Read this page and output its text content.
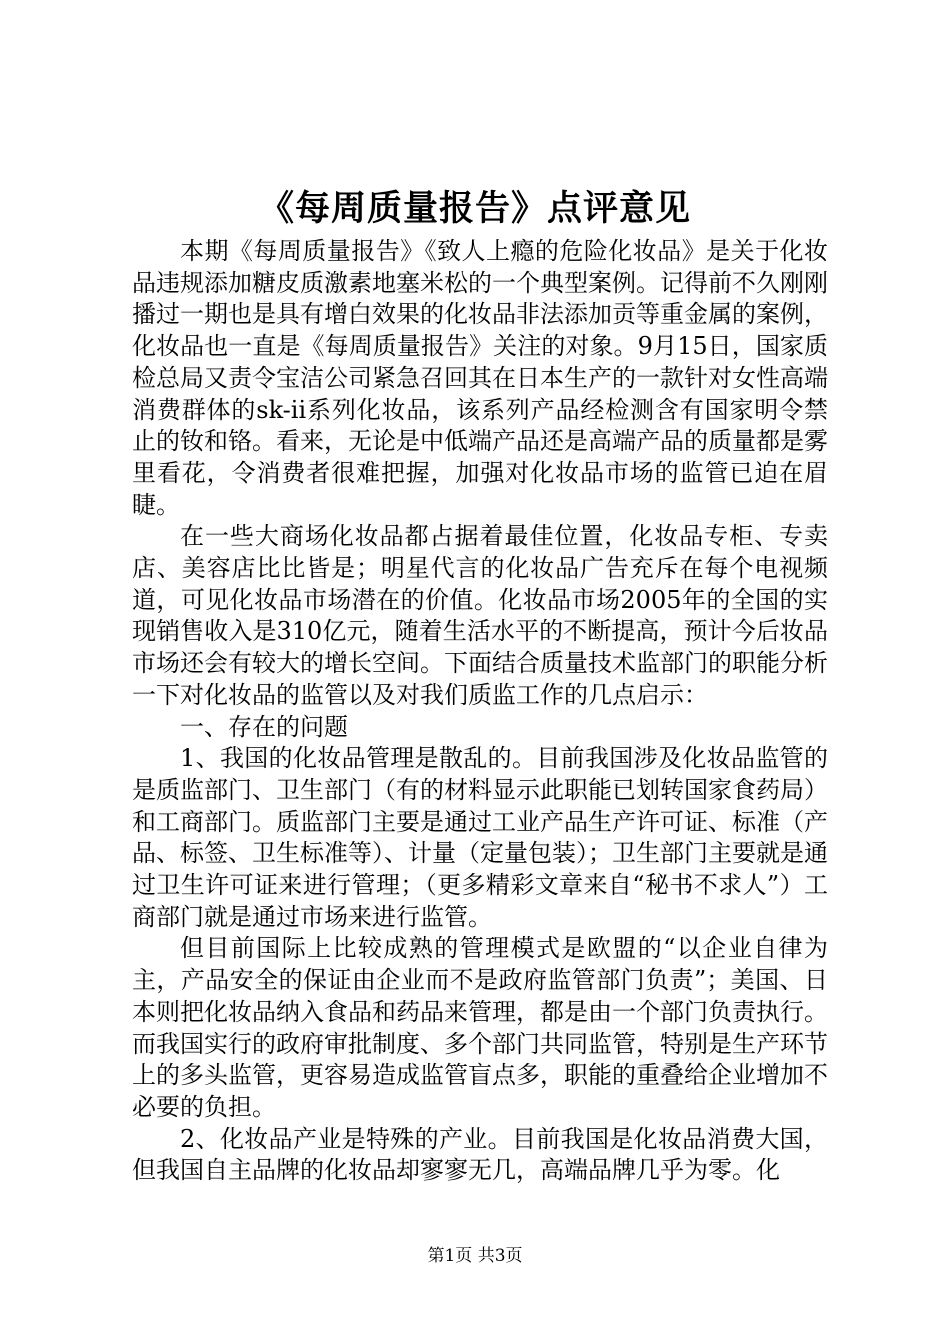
《每周质量报告》点评意见

本期《每周质量报告》《致人上瘾的危险化妆品》是关于化妆品违规添加糖皮质激素地塞米松的一个典型案例。记得前不久刚刚播过一期也是具有增白效果的化妆品非法添加贡等重金属的案例，化妆品也一直是《每周质量报告》关注的对象。9月15日，国家质检总局又责令宝洁公司紧急召回其在日本生产的一款针对女性高端消费群体的sk-ii系列化妆品，该系列产品经检测含有国家明令禁止的钕和铬。看来，无论是中低端产品还是高端产品的质量都是雾里看花，令消费者很难把握，加强对化妆品市场的监管已迫在眉睫。

在一些大商场化妆品都占据着最佳位置，化妆品专柜、专卖店、美容店比比皆是；明星代言的化妆品广告充斥在每个电视频道，可见化妆品市场潜在的价值。化妆品市场2005年的全国的实现销售收入是310亿元，随着生活水平的不断提高，预计今后妆品市场还会有较大的增长空间。下面结合质量技术监部门的职能分析一下对化妆品的监管以及对我们质监工作的几点启示：

一、存在的问题

1、我国的化妆品管理是散乱的。目前我国涉及化妆品监管的是质监部门、卫生部门（有的材料显示此职能已划转国家食药局）和工商部门。质监部门主要是通过工业产品生产许可证、标准（产品、标签、卫生标准等）、计量（定量包装）；卫生部门主要就是通过卫生许可证来进行管理；（更多精彩文章来自“秘书不求人”）工商部门就是通过市场来进行监管。

但目前国际上比较成熟的管理模式是欧盟的“以企业自律为主，产品安全的保证由企业而不是政府监管部门负责”；美国、日本则把化妆品纳入食品和药品来管理，都是由一个部门负责执行。而我国实行的政府审批制度、多个部门共同监管，特别是生产环节上的多头监管，更容易造成监管盲点多，职能的重叠给企业增加不必要的负担。

2、化妆品产业是特殊的产业。目前我国是化妆品消费大国，但我国自主品牌的化妆品却寥寥无几，高端品牌几乎为零。化

第1页 共3页
